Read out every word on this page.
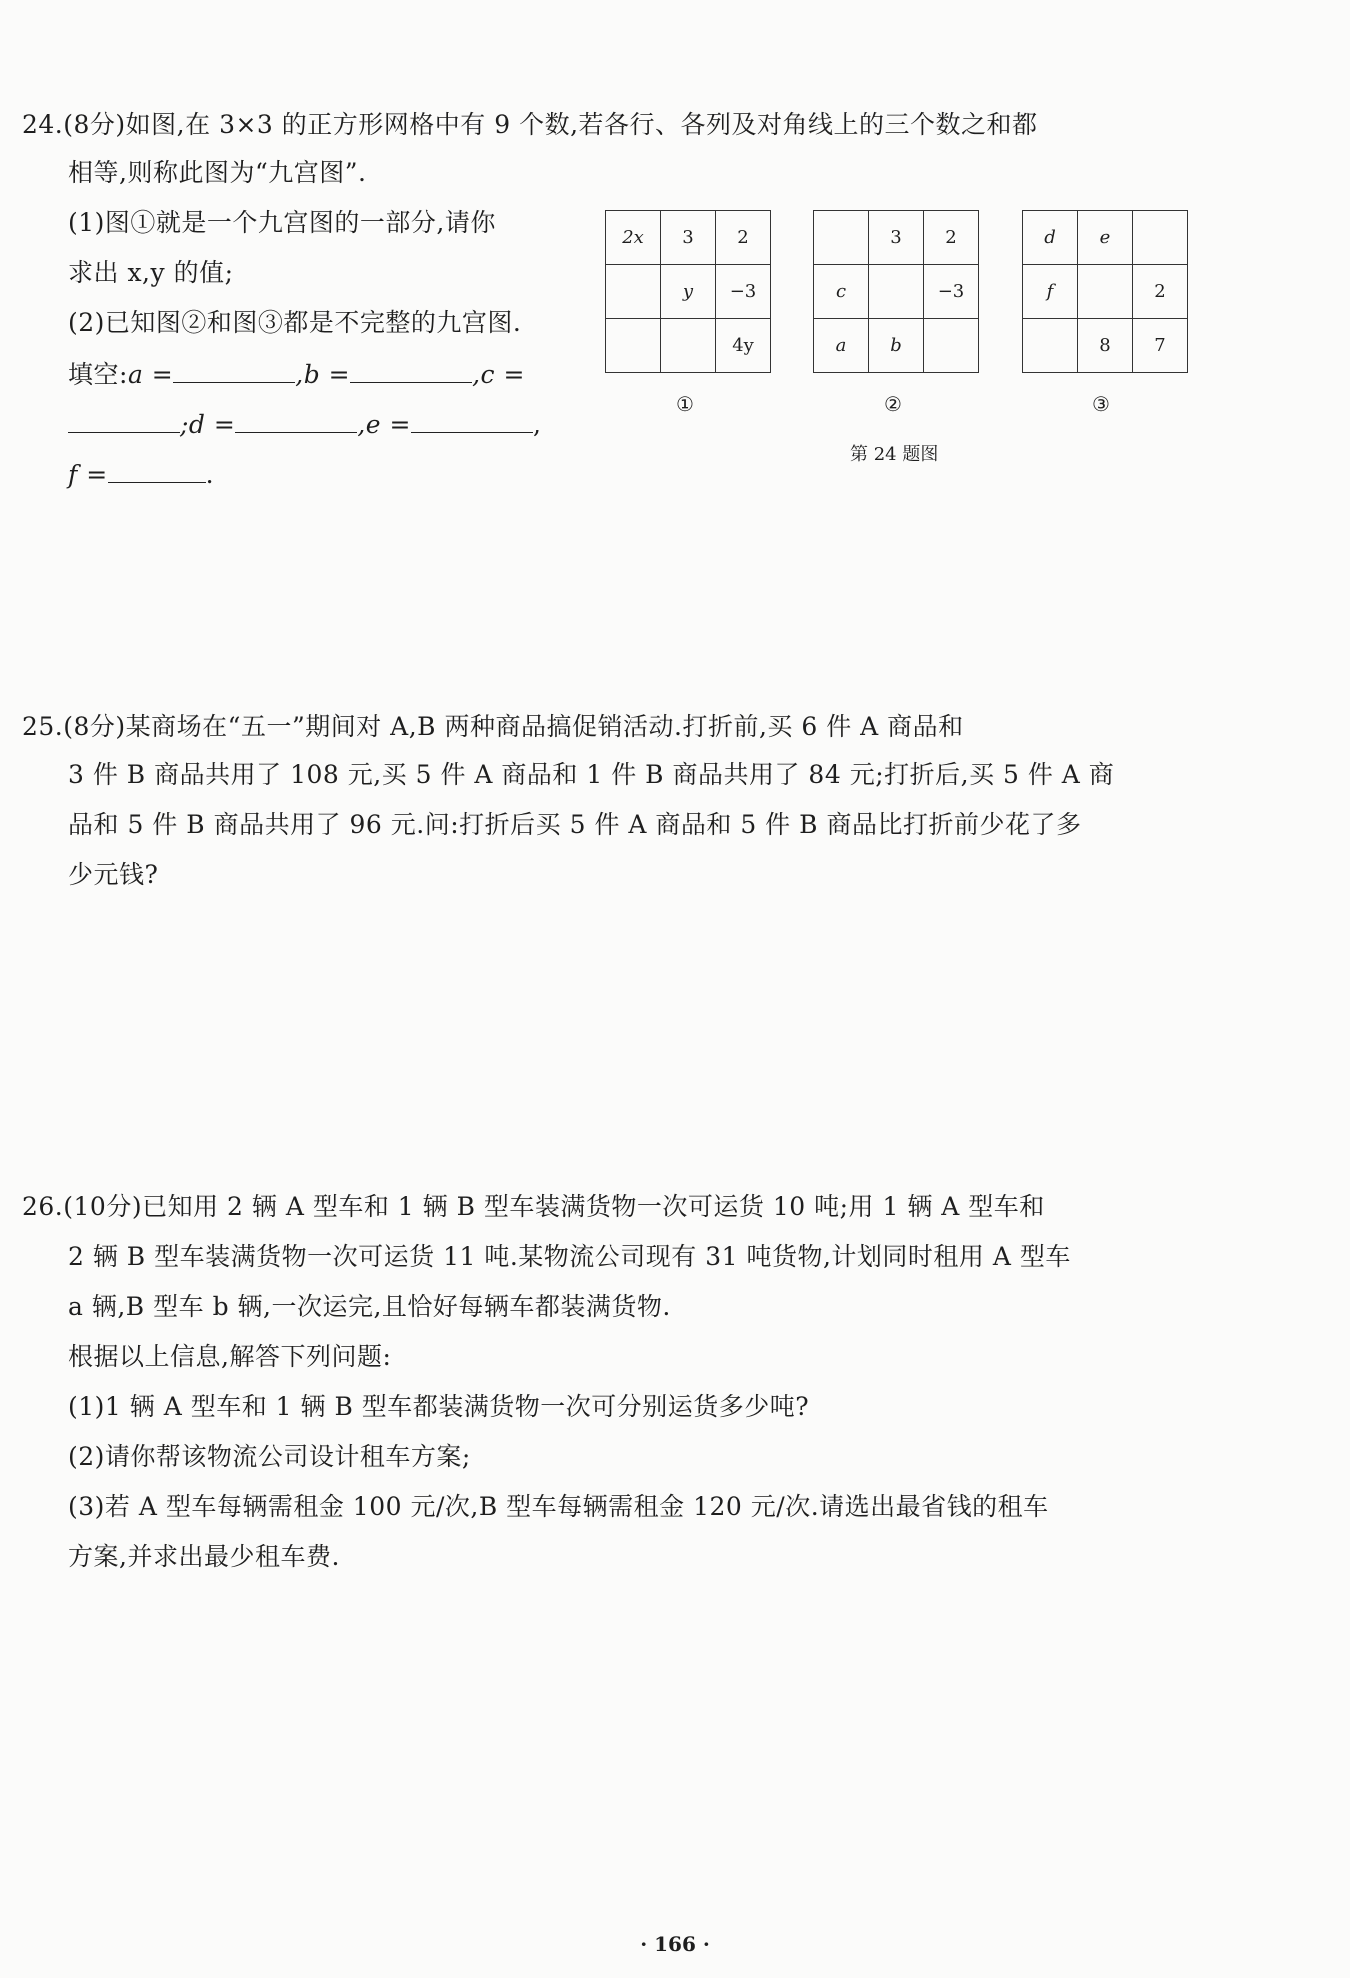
24.(8分)如图,在 3×3 的正方形网格中有 9 个数,若各行、各列及对角线上的三个数之和都
相等,则称此图为“九宫图”.
(1)图①就是一个九宫图的一部分,请你
求出 x,y 的值;
(2)已知图②和图③都是不完整的九宫图.
填空:a =	,b =	,c =
;d =	,e =	,
f =	.
2x	3	2
	y	−3
		4y
①
	3	2
c		−3
a	b	
②
d	e	
f		2
	8	7
③
第 24 题图
25.(8分)某商场在“五一”期间对 A,B 两种商品搞促销活动.打折前,买 6 件 A 商品和
3 件 B 商品共用了 108 元,买 5 件 A 商品和 1 件 B 商品共用了 84 元;打折后,买 5 件 A 商
品和 5 件 B 商品共用了 96 元.问:打折后买 5 件 A 商品和 5 件 B 商品比打折前少花了多
少元钱?
26.(10分)已知用 2 辆 A 型车和 1 辆 B 型车装满货物一次可运货 10 吨;用 1 辆 A 型车和
2 辆 B 型车装满货物一次可运货 11 吨.某物流公司现有 31 吨货物,计划同时租用 A 型车
a 辆,B 型车 b 辆,一次运完,且恰好每辆车都装满货物.
根据以上信息,解答下列问题:
(1)1 辆 A 型车和 1 辆 B 型车都装满货物一次可分别运货多少吨?
(2)请你帮该物流公司设计租车方案;
(3)若 A 型车每辆需租金 100 元/次,B 型车每辆需租金 120 元/次.请选出最省钱的租车
方案,并求出最少租车费.
· 166 ·
